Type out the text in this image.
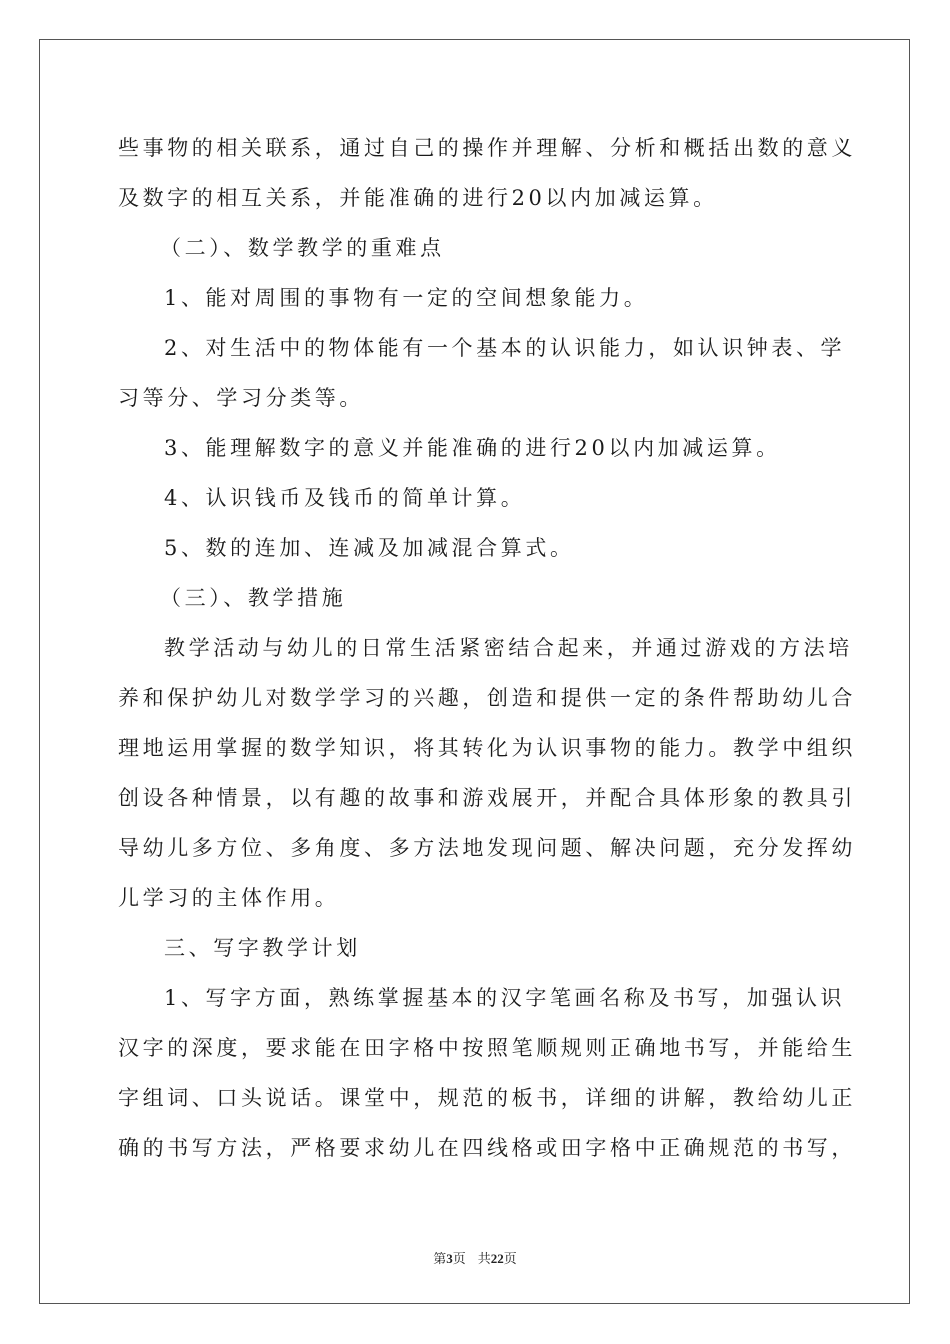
些事物的相关联系，通过自己的操作并理解、分析和概括出数的意义
及数字的相互关系，并能准确的进行20以内加减运算。
（二）、数学教学的重难点
1、能对周围的事物有一定的空间想象能力。
2、对生活中的物体能有一个基本的认识能力，如认识钟表、学
习等分、学习分类等。
3、能理解数字的意义并能准确的进行20以内加减运算。
4、认识钱币及钱币的简单计算。
5、数的连加、连减及加减混合算式。
（三）、教学措施
教学活动与幼儿的日常生活紧密结合起来，并通过游戏的方法培
养和保护幼儿对数学学习的兴趣，创造和提供一定的条件帮助幼儿合
理地运用掌握的数学知识，将其转化为认识事物的能力。教学中组织
创设各种情景，以有趣的故事和游戏展开，并配合具体形象的教具引
导幼儿多方位、多角度、多方法地发现问题、解决问题，充分发挥幼
儿学习的主体作用。
三、写字教学计划
1、写字方面，熟练掌握基本的汉字笔画名称及书写，加强认识
汉字的深度，要求能在田字格中按照笔顺规则正确地书写，并能给生
字组词、口头说话。课堂中，规范的板书，详细的讲解，教给幼儿正
确的书写方法，严格要求幼儿在四线格或田字格中正确规范的书写，
第3页 共22页
